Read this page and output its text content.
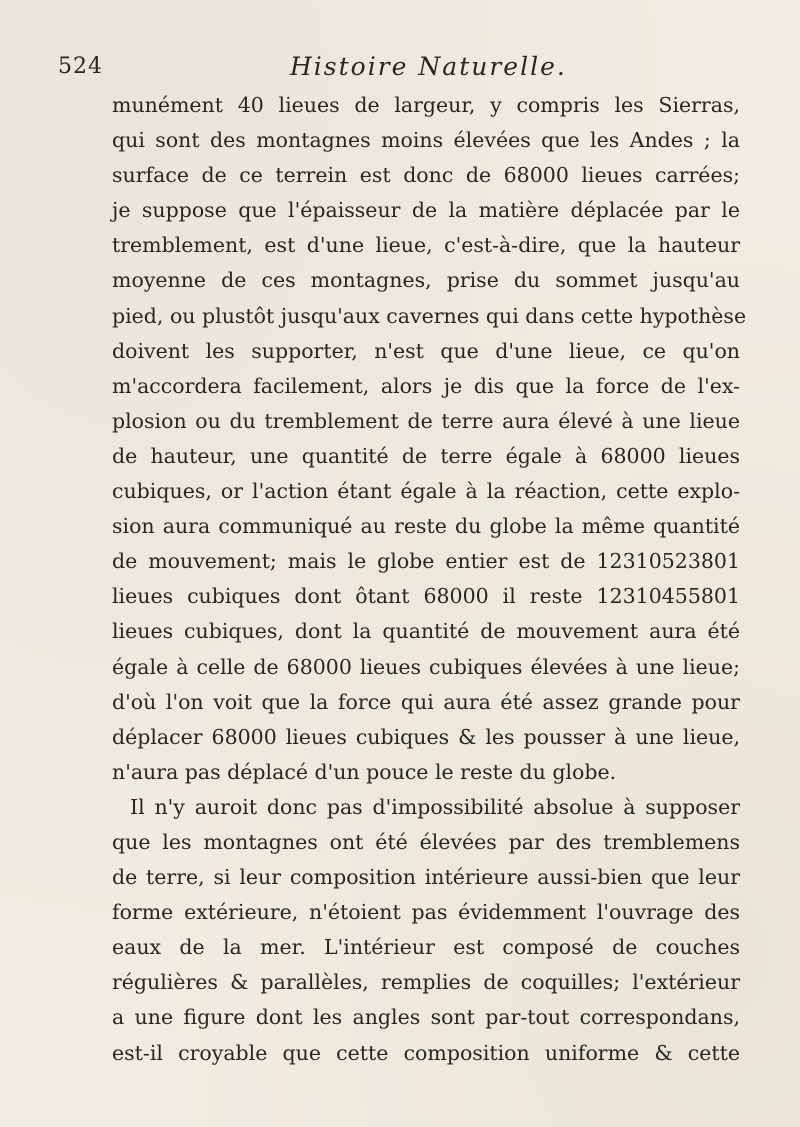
524	Histoire Naturelle.
munément 40 lieues de largeur, y compris les Sierras,
qui sont des montagnes moins élevées que les Andes ; la
surface de ce terrein est donc de 68000 lieues carrées;
je suppose que l'épaisseur de la matière déplacée par le
tremblement, est d'une lieue, c'est-à-dire, que la hauteur
moyenne de ces montagnes, prise du sommet jusqu'au
pied, ou plustôt jusqu'aux cavernes qui dans cette hypothèse
doivent les supporter, n'est que d'une lieue, ce qu'on
m'accordera facilement, alors je dis que la force de l'ex-
plosion ou du tremblement de terre aura élevé à une lieue
de hauteur, une quantité de terre égale à 68000 lieues
cubiques, or l'action étant égale à la réaction, cette explo-
sion aura communiqué au reste du globe la même quantité
de mouvement; mais le globe entier est de 12310523801
lieues cubiques dont ôtant 68000 il reste 12310455801
lieues cubiques, dont la quantité de mouvement aura été
égale à celle de 68000 lieues cubiques élevées à une lieue;
d'où l'on voit que la force qui aura été assez grande pour
déplacer 68000 lieues cubiques & les pousser à une lieue,
n'aura pas déplacé d'un pouce le reste du globe.
Il n'y auroit donc pas d'impossibilité absolue à supposer
que les montagnes ont été élevées par des tremblemens
de terre, si leur composition intérieure aussi-bien que leur
forme extérieure, n'étoient pas évidemment l'ouvrage des
eaux de la mer. L'intérieur est composé de couches
régulières & parallèles, remplies de coquilles; l'extérieur
a une figure dont les angles sont par-tout correspondans,
est-il croyable que cette composition uniforme & cette
